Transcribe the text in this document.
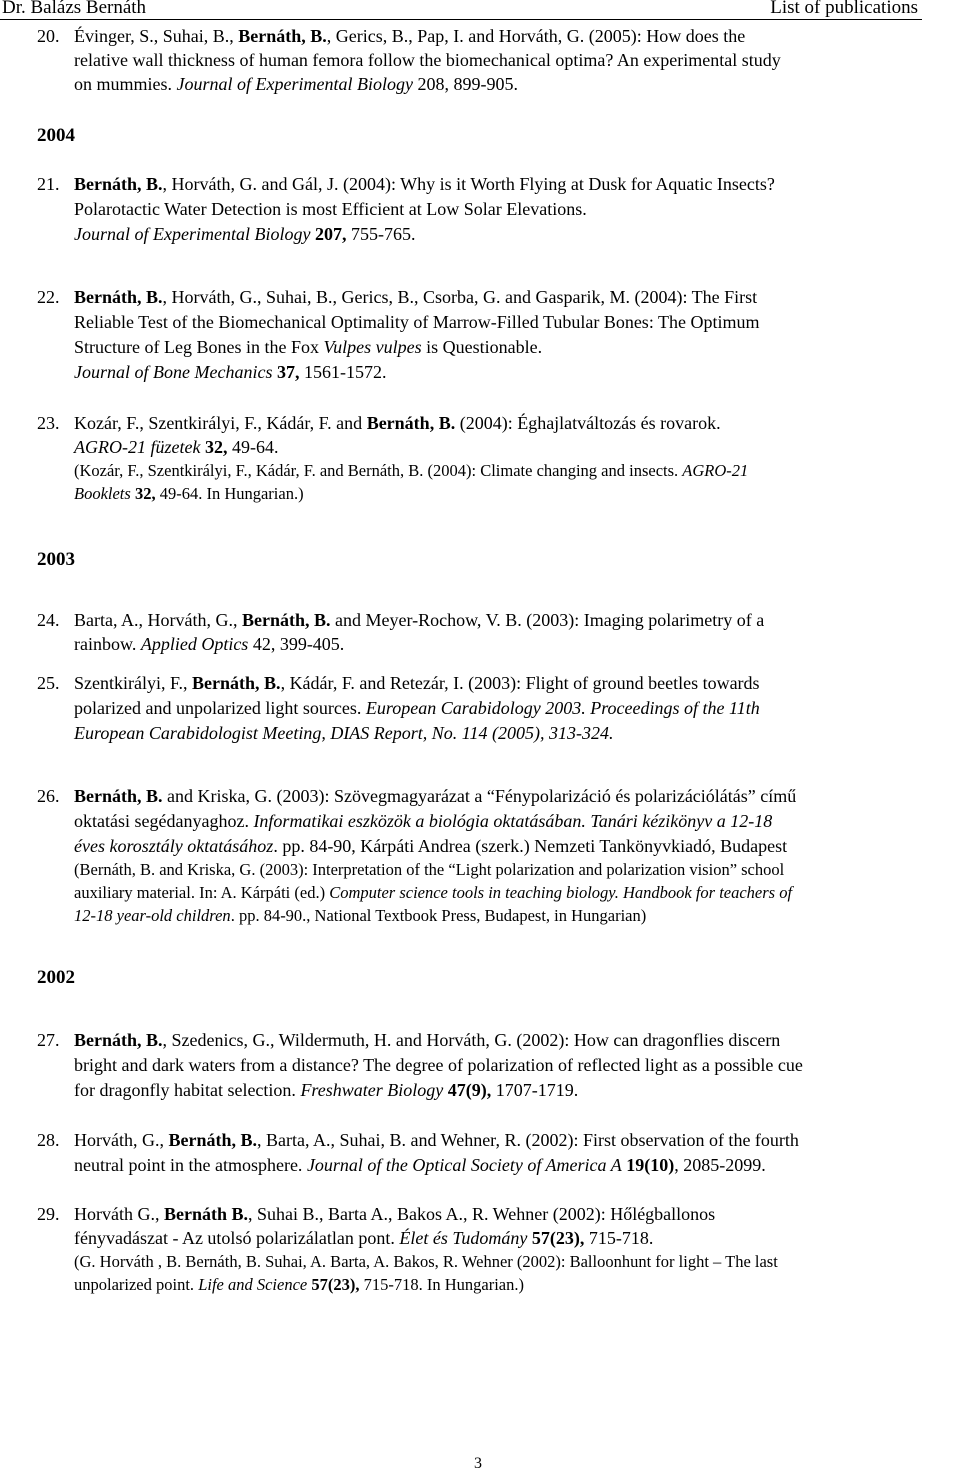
Dr. Balázs Bernáth	List of publications
20. Évinger, S., Suhai, B., Bernáth, B., Gerics, B., Pap, I. and Horváth, G. (2005): How does the
relative wall thickness of human femora follow the biomechanical optima? An experimental study
on mummies. Journal of Experimental Biology 208, 899-905.
2004
21. Bernáth, B., Horváth, G. and Gál, J. (2004): Why is it Worth Flying at Dusk for Aquatic Insects?
Polarotactic Water Detection is most Efficient at Low Solar Elevations.
Journal of Experimental Biology 207, 755-765.
22. Bernáth, B., Horváth, G., Suhai, B., Gerics, B., Csorba, G. and Gasparik, M. (2004): The First
Reliable Test of the Biomechanical Optimality of Marrow-Filled Tubular Bones: The Optimum
Structure of Leg Bones in the Fox Vulpes vulpes is Questionable.
Journal of Bone Mechanics 37, 1561-1572.
23. Kozár, F., Szentkirályi, F., Kádár, F. and Bernáth, B. (2004): Éghajlatváltozás és rovarok.
AGRO-21 füzetek 32, 49-64.
(Kozár, F., Szentkirályi, F., Kádár, F. and Bernáth, B. (2004): Climate changing and insects. AGRO-21
Booklets 32, 49-64. In Hungarian.)
2003
24. Barta, A., Horváth, G., Bernáth, B. and Meyer-Rochow, V. B. (2003): Imaging polarimetry of a
rainbow. Applied Optics 42, 399-405.
25. Szentkirályi, F., Bernáth, B., Kádár, F. and Retezár, I. (2003): Flight of ground beetles towards
polarized and unpolarized light sources. European Carabidology 2003. Proceedings of the 11th
European Carabidologist Meeting, DIAS Report, No. 114 (2005), 313-324.
26. Bernáth, B. and Kriska, G. (2003): Szövegmagyarázat a “Fénypolarizáció és polarizációlátás” című
oktatási segédanyaghoz. Informatikai eszközök a biológia oktatásában. Tanári kézikönyv a 12-18
éves korosztály oktatásához. pp. 84-90, Kárpáti Andrea (szerk.) Nemzeti Tankönyvkiadó, Budapest
(Bernáth, B. and Kriska, G. (2003): Interpretation of the “Light polarization and polarization vision” school
auxiliary material. In: A. Kárpáti (ed.) Computer science tools in teaching biology. Handbook for teachers of
12-18 year-old children. pp. 84-90., National Textbook Press, Budapest, in Hungarian)
2002
27. Bernáth, B., Szedenics, G., Wildermuth, H. and Horváth, G. (2002): How can dragonflies discern
bright and dark waters from a distance? The degree of polarization of reflected light as a possible cue
for dragonfly habitat selection. Freshwater Biology 47(9), 1707-1719.
28. Horváth, G., Bernáth, B., Barta, A., Suhai, B. and Wehner, R. (2002): First observation of the fourth
neutral point in the atmosphere. Journal of the Optical Society of America A 19(10), 2085-2099.
29. Horváth G., Bernáth B., Suhai B., Barta A., Bakos A., R. Wehner (2002): Hőlégballonos
fényvadászat - Az utolsó polarizálatlan pont. Élet és Tudomány 57(23), 715-718.
(G. Horváth , B. Bernáth, B. Suhai, A. Barta, A. Bakos, R. Wehner (2002): Balloonhunt for light – The last
unpolarized point. Life and Science 57(23), 715-718. In Hungarian.)
3
